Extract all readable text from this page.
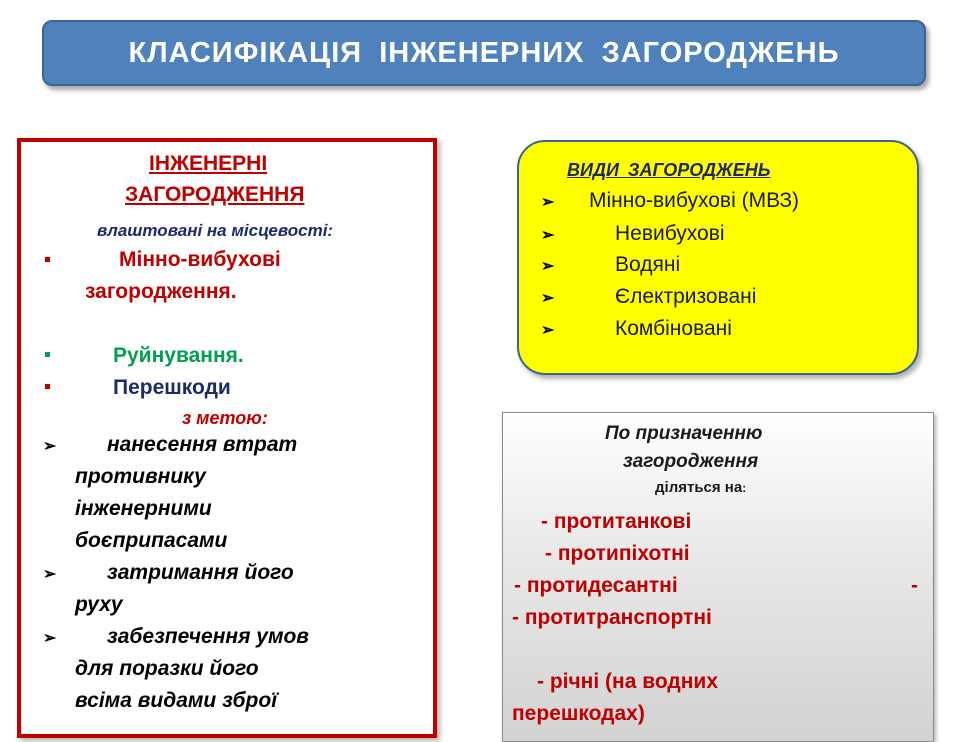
КЛАСИФІКАЦІЯ ІНЖЕНЕРНИХ ЗАГОРОДЖЕНЬ
ІНЖЕНЕРНІ
ЗАГОРОДЖЕННЯ
влаштовані на місцевості:
Мінно-вибухові
загородження.
Руйнування.
Перешкоди
з метою:
➢ нанесення втрат
противнику
інженерними
боєприпасами
➢ затримання його
руху
➢ забезпечення умов
для поразки його
всіма видами зброї
ВИДИ ЗАГОРОДЖЕНЬ
➢ Мінно-вибухові (МВЗ)
➢	Невибухові
➢	Водяні
➢	Єлектризовані
➢	Комбіновані
По призначенню
загородження
діляться на:
- протитанкові
- протипіхотні
- протидесантні	-
- протитранспортні
- річні (на водних
перешкодах)
